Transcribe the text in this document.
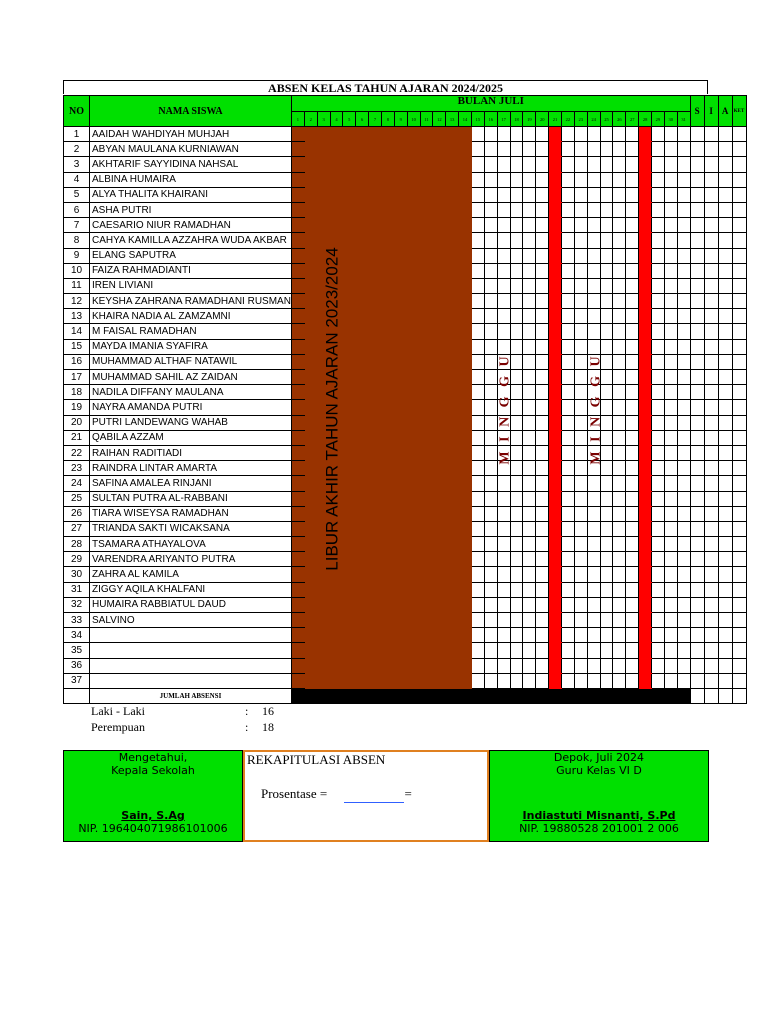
ABSEN KELAS TAHUN AJARAN 2024/2025
NO	NAMA SISWA	BULAN JULI																															S	I	A	KET
		1	2	3	4	5	6	7	8	9	10	11	12	13	14	15	16	17	18	19	20	21	22	23	24	25	26	27	28	29	30	31				
1	AAIDAH WAHDIYAH MUHJAH																																			
2	ABYAN MAULANA KURNIAWAN																																			
3	AKHTARIF SAYYIDINA NAHSAL																																			
4	ALBINA HUMAIRA																																			
5	ALYA THALITA KHAIRANI																																			
6	ASHA PUTRI																																			
7	CAESARIO NIUR RAMADHAN																																			
8	CAHYA KAMILLA AZZAHRA WUDA AKBAR																																			
9	ELANG SAPUTRA																																			
10	FAIZA RAHMADIANTI																																			
11	IREN LIVIANI																																			
12	KEYSHA ZAHRANA RAMADHANI RUSMAN																																			
13	KHAIRA NADIA AL ZAMZAMNI																																			
14	M FAISAL RAMADHAN																																			
15	MAYDA IMANIA SYAFIRA																																			
16	MUHAMMAD ALTHAF NATAWIL																																			
17	MUHAMMAD SAHIL AZ ZAIDAN																																			
18	NADILA DIFFANY MAULANA																																			
19	NAYRA AMANDA PUTRI																																			
20	PUTRI LANDEWANG WAHAB																																			
21	QABILA AZZAM																																			
22	RAIHAN RADITIADI																																			
23	RAINDRA LINTAR AMARTA																																			
24	SAFINA AMALEA RINJANI																																			
25	SULTAN PUTRA AL-RABBANI																																			
26	TIARA WISEYSA RAMADHAN																																			
27	TRIANDA SAKTI WICAKSANA																																			
28	TSAMARA ATHAYALOVA																																			
29	VARENDRA ARIYANTO PUTRA																																			
30	ZAHRA AL KAMILA																																			
31	ZIGGY AQILA KHALFANI																																			
32	HUMAIRA RABBIATUL DAUD																																			
33	SALVINO																																			
34																																				
35																																				
36																																				
37																																				
	JUMLAH ABSENSI																																			
LIBUR AKHIR TAHUN AJARAN 2023/2024	M I N G G U	M I N G G U
Laki - Laki	: 16
Perempuan	: 18
Mengetahui,
Kepala Sekolah
Sain, S.Ag
NIP. 196404071986101006
REKAPITULASI ABSEN
Prosentase =	=
Depok, Juli 2024
Guru Kelas VI D
Indiastuti Misnanti, S.Pd
NIP. 19880528 201001 2 006
